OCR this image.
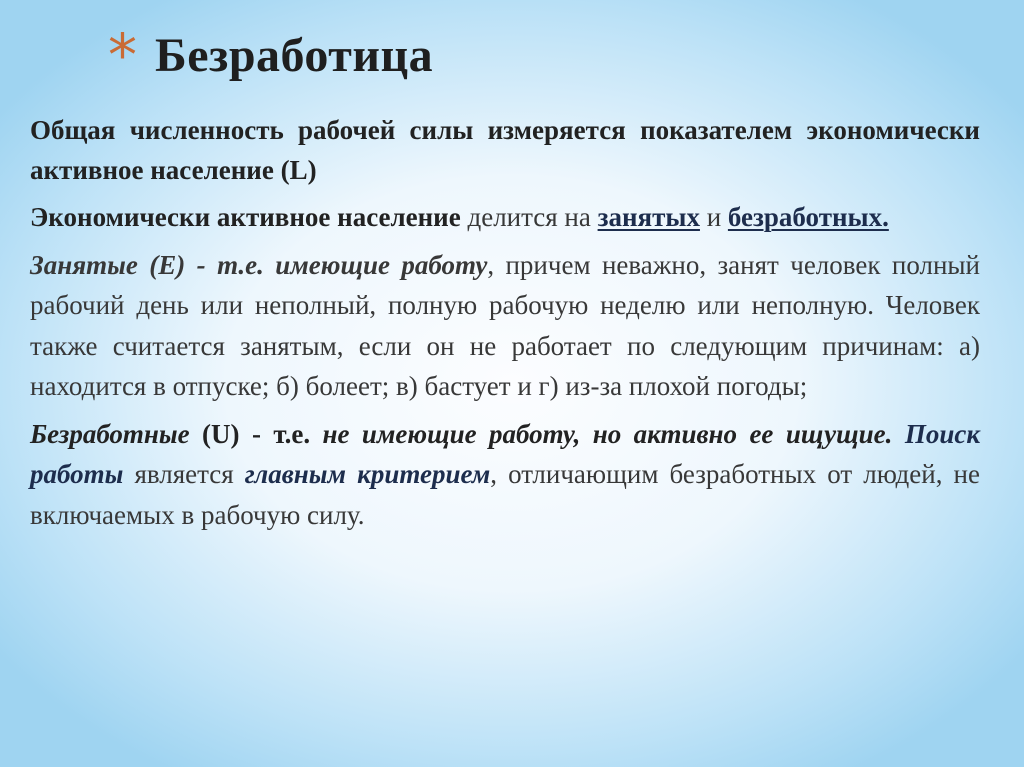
* Безработица

Общая численность рабочей силы измеряется показателем экономически активное население (L)

Экономически активное население делится на занятых и безработных.

Занятые (Е) - т.е. имеющие работу, причем неважно, занят человек полный рабочий день или неполный, полную рабочую неделю или неполную. Человек также считается занятым, если он не работает по следующим причинам: а) находится в отпуске; б) болеет; в) бастует и г) из-за плохой погоды;

Безработные (U) - т.е. не имеющие работу, но активно ее ищущие. Поиск работы является главным критерием, отличающим безработных от людей, не включаемых в рабочую силу.
